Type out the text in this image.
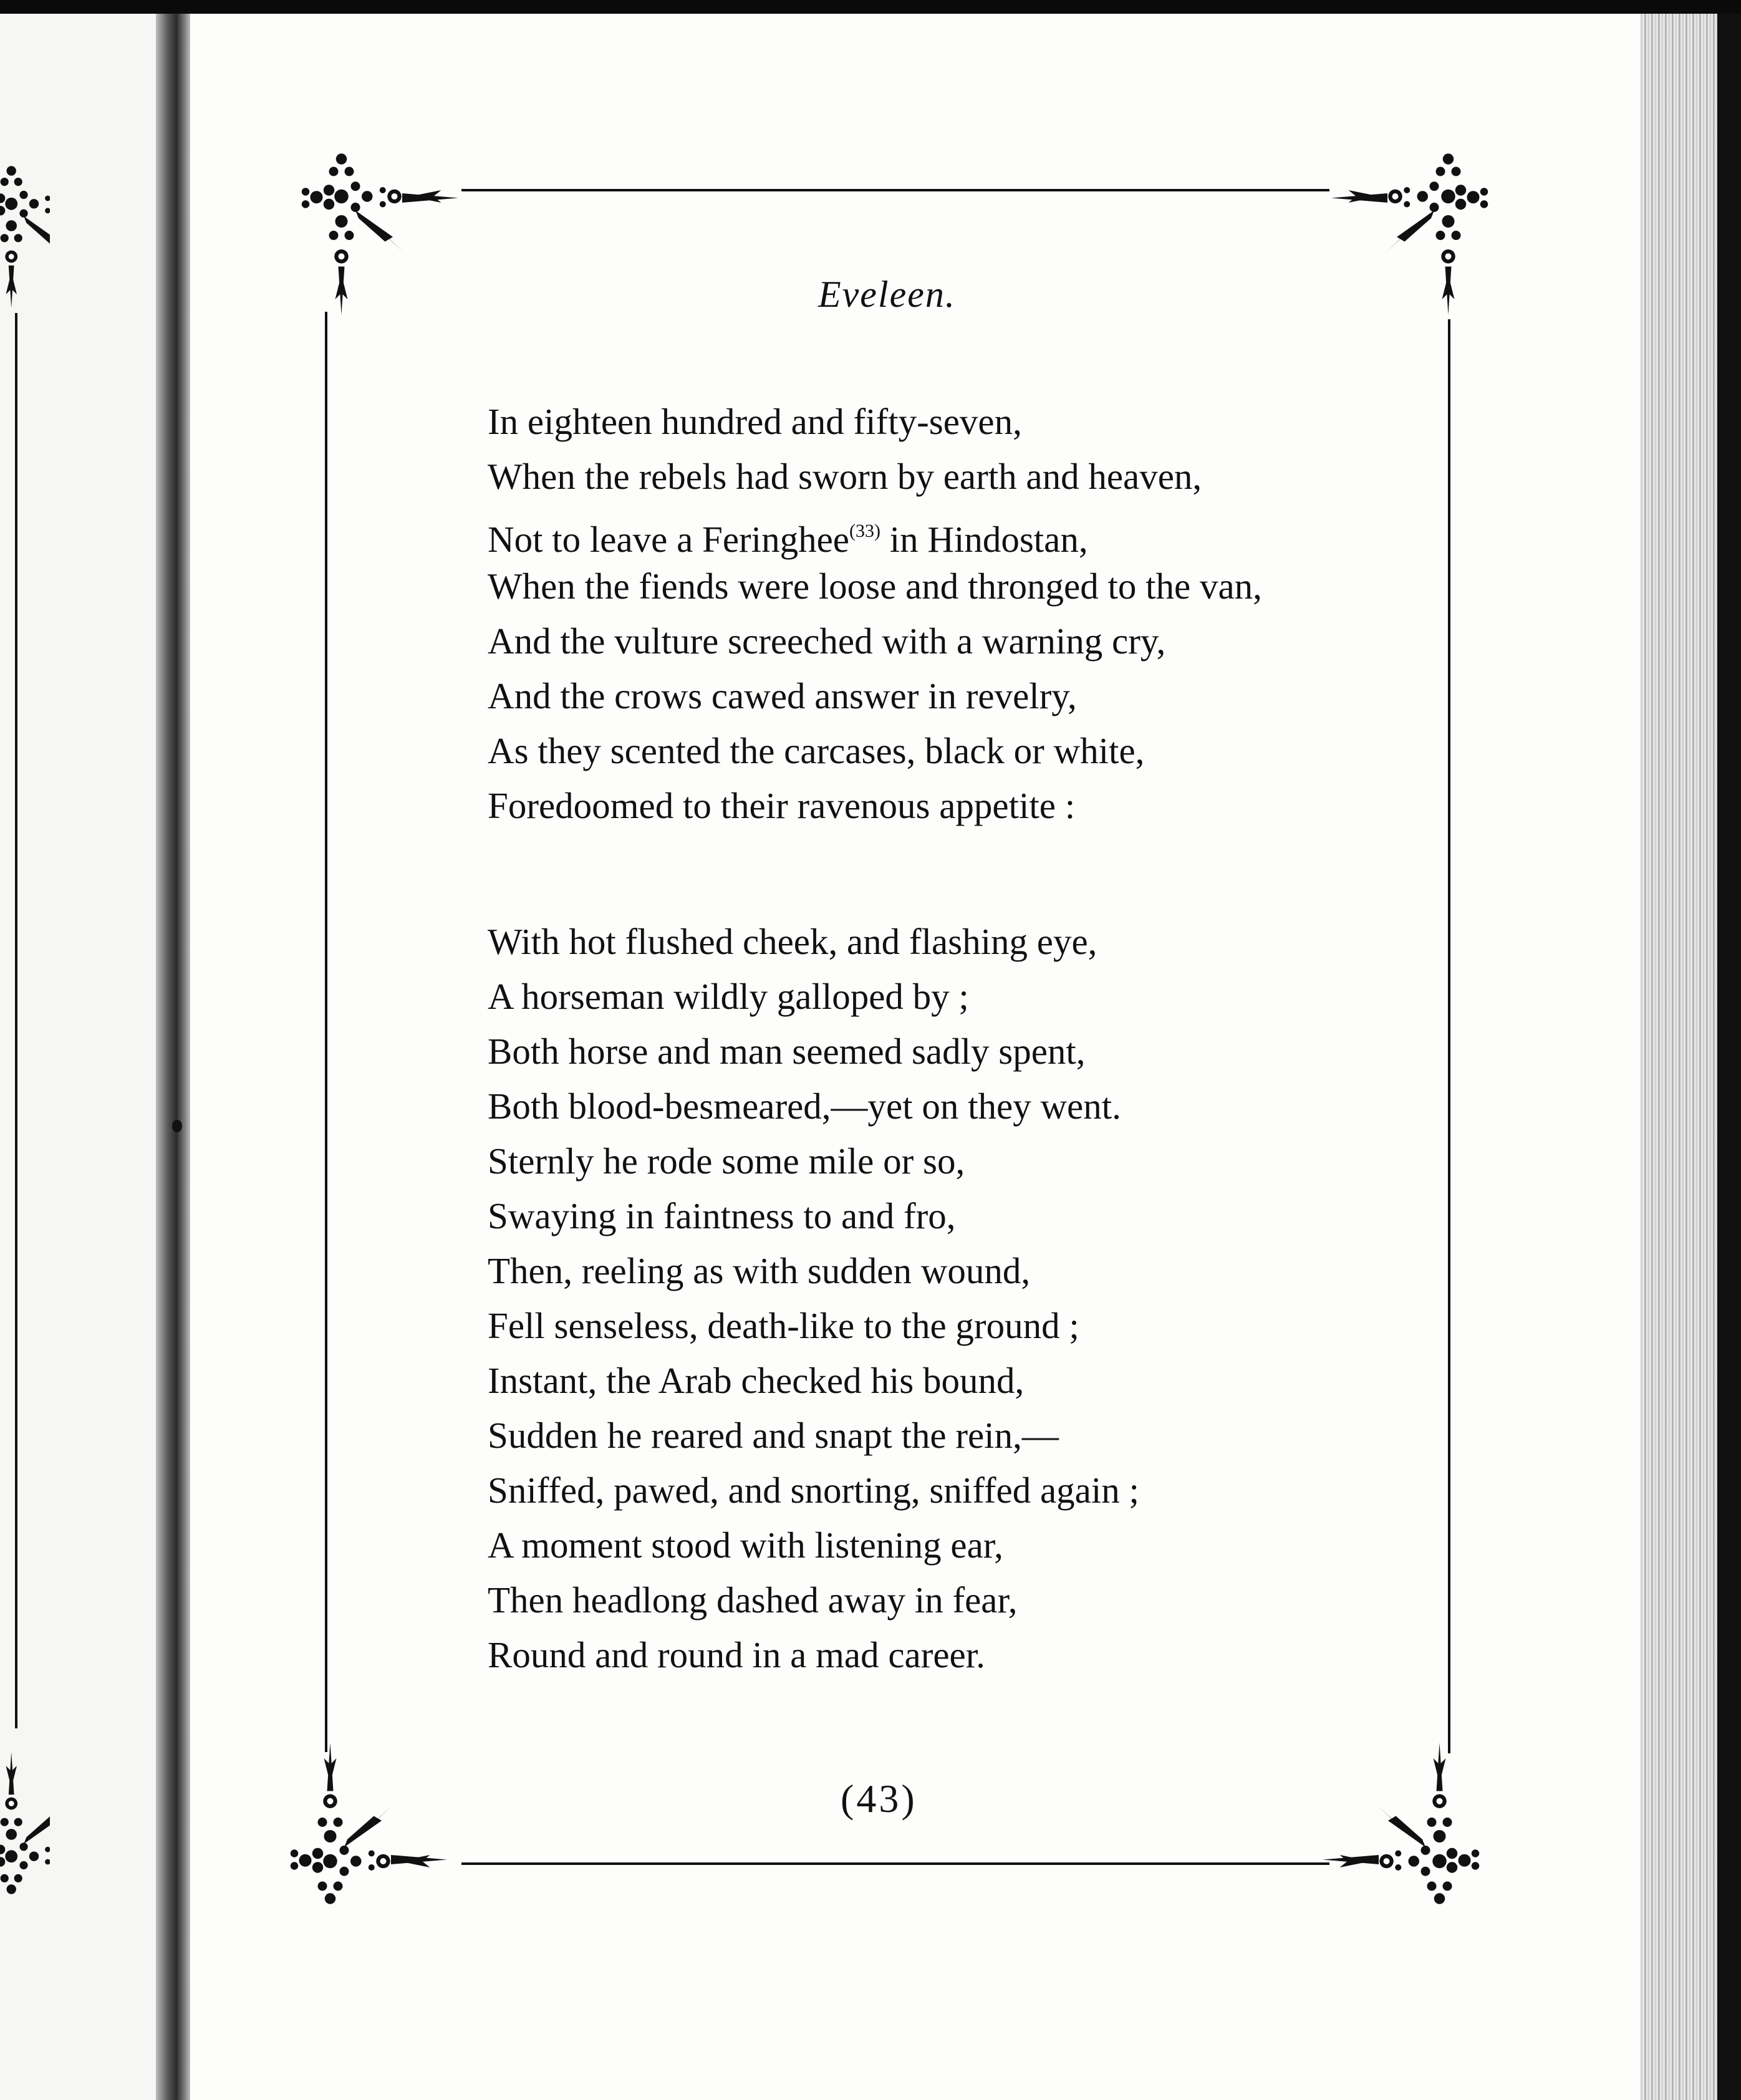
Eveleen.
In eighteen hundred and fifty-seven,
When the rebels had sworn by earth and heaven,
Not to leave a Feringhee$^{(33)}$ in Hindostan,
When the fiends were loose and thronged to the van,
And the vulture screeched with a warning cry,
And the crows cawed answer in revelry,
As they scented the carcases, black or white,
Foredoomed to their ravenous appetite :
With hot flushed cheek, and flashing eye,
A horseman wildly galloped by ;
Both horse and man seemed sadly spent,
Both blood-besmeared,—yet on they went.
Sternly he rode some mile or so,
Swaying in faintness to and fro,
Then, reeling as with sudden wound,
Fell senseless, death-like to the ground ;
Instant, the Arab checked his bound,
Sudden he reared and snapt the rein,—
Sniffed, pawed, and snorting, sniffed again ;
A moment stood with listening ear,
Then headlong dashed away in fear,
Round and round in a mad career.
(43)
